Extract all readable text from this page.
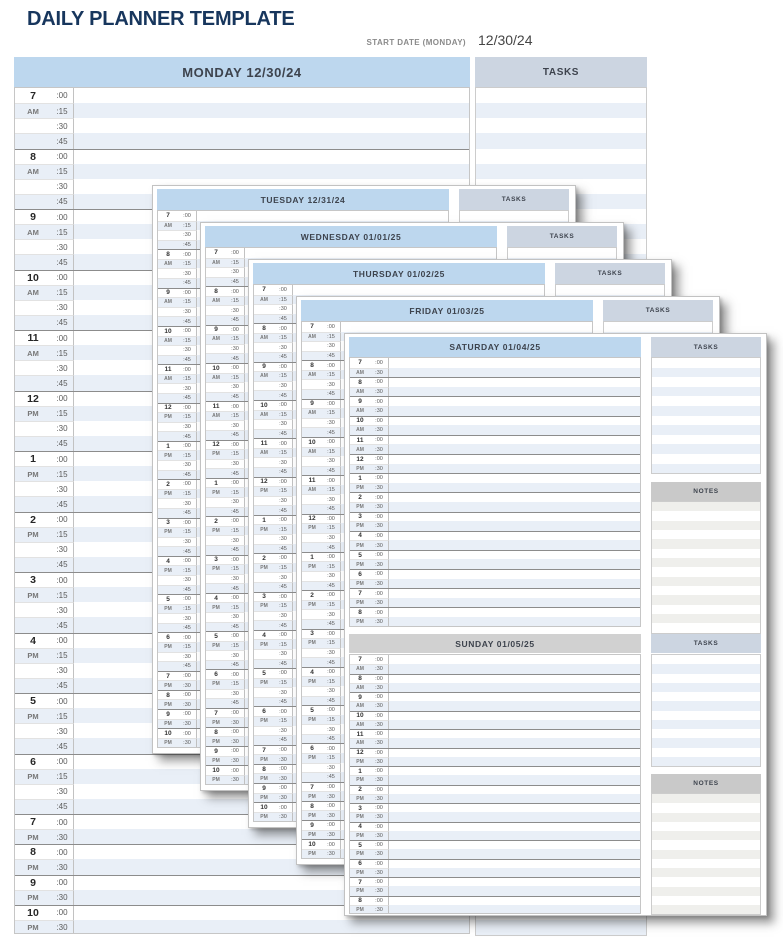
DAILY PLANNER TEMPLATE
START DATE (MONDAY) 12/30/24
MONDAY 12/30/24
7	:00
AM	:15
:30
:45
8	:00
AM	:15
:30
:45
9	:00
AM	:15
:30
:45
10	:00
AM	:15
:30
:45
11	:00
AM	:15
:30
:45
12	:00
PM	:15
:30
:45
1	:00
PM	:15
:30
:45
2	:00
PM	:15
:30
:45
3	:00
PM	:15
:30
:45
4	:00
PM	:15
:30
:45
5	:00
PM	:15
:30
:45
6	:00
PM	:15
:30
:45
7	:00
PM	:30
8	:00
PM	:30
9	:00
PM	:30
10	:00
PM	:30
TASKS
TUESDAY 12/31/24
7	:00
AM	:15
:30
:45
8	:00
AM	:15
:30
:45
9	:00
AM	:15
:30
:45
10	:00
AM	:15
:30
:45
11	:00
AM	:15
:30
:45
12	:00
PM	:15
:30
:45
1	:00
PM	:15
:30
:45
2	:00
PM	:15
:30
:45
3	:00
PM	:15
:30
:45
4	:00
PM	:15
:30
:45
5	:00
PM	:15
:30
:45
6	:00
PM	:15
:30
:45
7	:00
PM	:30
8	:00
PM	:30
9	:00
PM	:30
10	:00
PM	:30
TASKS
WEDNESDAY 01/01/25
7	:00
AM	:15
:30
:45
8	:00
AM	:15
:30
:45
9	:00
AM	:15
:30
:45
10	:00
AM	:15
:30
:45
11	:00
AM	:15
:30
:45
12	:00
PM	:15
:30
:45
1	:00
PM	:15
:30
:45
2	:00
PM	:15
:30
:45
3	:00
PM	:15
:30
:45
4	:00
PM	:15
:30
:45
5	:00
PM	:15
:30
:45
6	:00
PM	:15
:30
:45
7	:00
PM	:30
8	:00
PM	:30
9	:00
PM	:30
10	:00
PM	:30
TASKS
THURSDAY 01/02/25
7	:00
AM	:15
:30
:45
8	:00
AM	:15
:30
:45
9	:00
AM	:15
:30
:45
10	:00
AM	:15
:30
:45
11	:00
AM	:15
:30
:45
12	:00
PM	:15
:30
:45
1	:00
PM	:15
:30
:45
2	:00
PM	:15
:30
:45
3	:00
PM	:15
:30
:45
4	:00
PM	:15
:30
:45
5	:00
PM	:15
:30
:45
6	:00
PM	:15
:30
:45
7	:00
PM	:30
8	:00
PM	:30
9	:00
PM	:30
10	:00
PM	:30
TASKS
FRIDAY 01/03/25
7	:00
AM	:15
:30
:45
8	:00
AM	:15
:30
:45
9	:00
AM	:15
:30
:45
10	:00
AM	:15
:30
:45
11	:00
AM	:15
:30
:45
12	:00
PM	:15
:30
:45
1	:00
PM	:15
:30
:45
2	:00
PM	:15
:30
:45
3	:00
PM	:15
:30
:45
4	:00
PM	:15
:30
:45
5	:00
PM	:15
:30
:45
6	:00
PM	:15
:30
:45
7	:00
PM	:30
8	:00
PM	:30
9	:00
PM	:30
10	:00
PM	:30
TASKS
SATURDAY 01/04/25
7	:00
AM	:30
8	:00
AM	:30
9	:00
AM	:30
10	:00
AM	:30
11	:00
AM	:30
12	:00
PM	:30
1	:00
PM	:30
2	:00
PM	:30
3	:00
PM	:30
4	:00
PM	:30
5	:00
PM	:30
6	:00
PM	:30
7	:00
PM	:30
8	:00
PM	:30
TASKS
NOTES
SUNDAY 01/05/25
7	:00
AM	:30
8	:00
AM	:30
9	:00
AM	:30
10	:00
AM	:30
11	:00
AM	:30
12	:00
PM	:30
1	:00
PM	:30
2	:00
PM	:30
3	:00
PM	:30
4	:00
PM	:30
5	:00
PM	:30
6	:00
PM	:30
7	:00
PM	:30
8	:00
PM	:30
TASKS
NOTES
